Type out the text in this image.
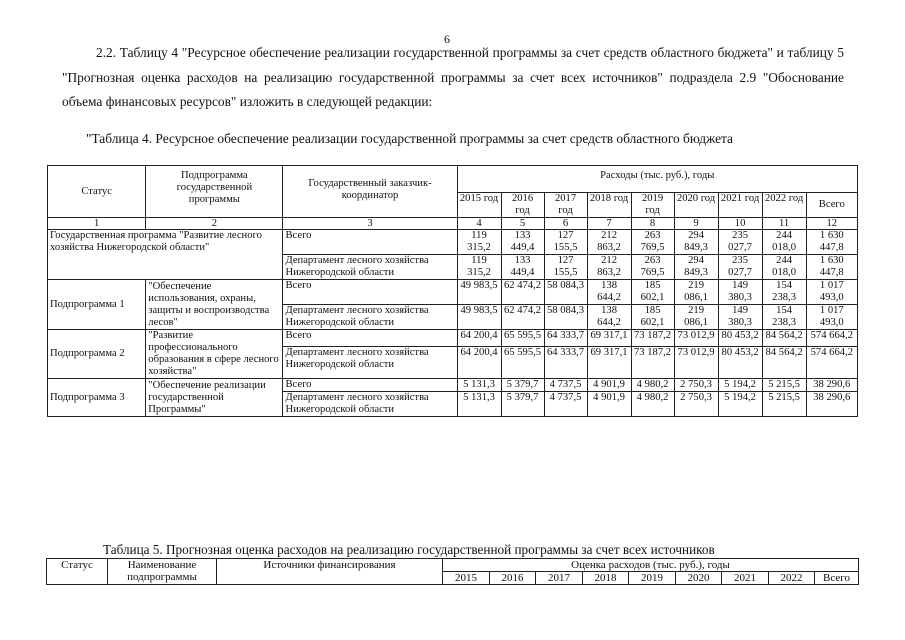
6

2.2. Таблицу 4 "Ресурсное обеспечение реализации государственной программы за счет средств областного бюджета" и таблицу 5 "Прогнозная оценка расходов на реализацию государственной программы за счет всех источников" подраздела 2.9 "Обоснование объема финансовых ресурсов" изложить в следующей редакции:

"Таблица 4. Ресурсное обеспечение реализации государственной программы за счет средств областного бюджета
Статус	Подпрограмма государственной программы	Государственный заказчик-координатор	Расходы (тыс. руб.), годы								
			2015 год	2016 год	2017 год	2018 год	2019 год	2020 год	2021 год	2022 год	Всего
1	2	3	4	5	6	7	8	9	10	11	12
Государственная программа "Развитие лесного хозяйства Нижегородской области"		Всего	119 315,2	133 449,4	127 155,5	212 863,2	263 769,5	294 849,3	235 027,7	244 018,0	1 630 447,8
		Департамент лесного хозяйства Нижегородской области	119 315,2	133 449,4	127 155,5	212 863,2	263 769,5	294 849,3	235 027,7	244 018,0	1 630 447,8
Подпрограмма 1	"Обеспечение использования, охраны, защиты и воспроизводства лесов"	Всего	49 983,5	62 474,2	58 084,3	138 644,2	185 602,1	219 086,1	149 380,3	154 238,3	1 017 493,0
		Департамент лесного хозяйства Нижегородской области	49 983,5	62 474,2	58 084,3	138 644,2	185 602,1	219 086,1	149 380,3	154 238,3	1 017 493,0
Подпрограмма 2	"Развитие профессионального образования в сфере лесного хозяйства"	Всего	64 200,4	65 595,5	64 333,7	69 317,1	73 187,2	73 012,9	80 453,2	84 564,2	574 664,2
		Департамент лесного хозяйства Нижегородской области	64 200,4	65 595,5	64 333,7	69 317,1	73 187,2	73 012,9	80 453,2	84 564,2	574 664,2
Подпрограмма 3	"Обеспечение реализации государственной Программы"	Всего	5 131,3	5 379,7	4 737,5	4 901,9	4 980,2	2 750,3	5 194,2	5 215,5	38 290,6
		Департамент лесного хозяйства Нижегородской области	5 131,3	5 379,7	4 737,5	4 901,9	4 980,2	2 750,3	5 194,2	5 215,5	38 290,6
Таблица 5. Прогнозная оценка расходов на реализацию государственной программы за счет всех источников
Статус	Наименование подпрограммы	Источники финансирования	Оценка расходов (тыс. руб.), годы								
			2015	2016	2017	2018	2019	2020	2021	2022	Всего
